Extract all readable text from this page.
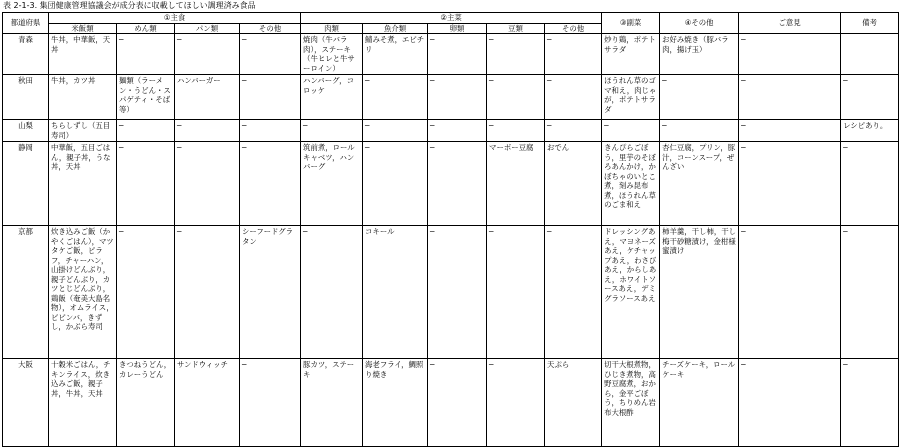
表 2-1-3. 集団健康管理協議会が成分表に収載してほしい調理済み食品
都道府県	①主食				②主菜					③副菜	④その他	ご意見	備考
	米飯類	めん類	パン類	その他	肉類	魚介類	卵類	豆類	その他				
青森	牛丼，中華飯，天丼	─	─	─	焼肉（牛バラ肉），ステーキ（牛ヒレと牛サーロイン）	鯖みそ煮，エビチリ	─	─	─	炒り鶏，ポテトサラダ	お好み焼き（豚バラ肉，揚げ玉）	─	
秋田	牛丼，カツ丼	麺類（ラーメン・うどん・スパゲティ・そば等）	ハンバーガー	─	ハンバーグ，コロッケ	─	─	─	─	ほうれん草のゴマ和え，肉じゃが，ポテトサラダ	─	─	─
山梨	ちらしずし（五目寿司）	─	─	─	─	─	─	─	─	─	─	─	レシピあり。
静岡	中華飯，五目ごはん，親子丼，うな丼，天丼	─	─	─	筑前煮，ロールキャベツ，ハンバーグ	─	─	マーボー豆腐	おでん	きんぴらごぼう，里芋のそぼろあんかけ，かぼちゃのいとこ煮，刻み昆布煮，ほうれん草のごま和え	杏仁豆腐，プリン，豚汁，コーンスープ，ぜんざい	─	─
京都	炊き込みご飯（かやくごはん），マツタケご飯，ピラフ，チャーハン，山掛けどんぶり，親子どんぶり，カツとじどんぶり，鶏飯（奄美大島名物），オムライス，ビビンバ，きずし，かぶら寿司	─	─	シーフードグラタン	─	コキール	─	─	─	ドレッシングあえ，マヨネーズあえ，ケチャップあえ，わさびあえ，からしあえ，ホワイトソースあえ，デミグラソースあえ	柿羊羹，干し柿，干し梅干砂糖漬け，金柑様蜜漬け	─	─
大阪	十穀米ごはん，チキンライス，炊き込みご飯，親子丼，牛丼，天丼	きつねうどん，カレーうどん	サンドウィッチ	─	豚カツ，ステーキ	海老フライ，鯛照り焼き	─	─	天ぷら	切干大根煮物，ひじき煮物，高野豆腐煮，おから，金平ごぼう，ちりめん岩布大根酢	チーズケーキ，ロールケーキ	─	─
